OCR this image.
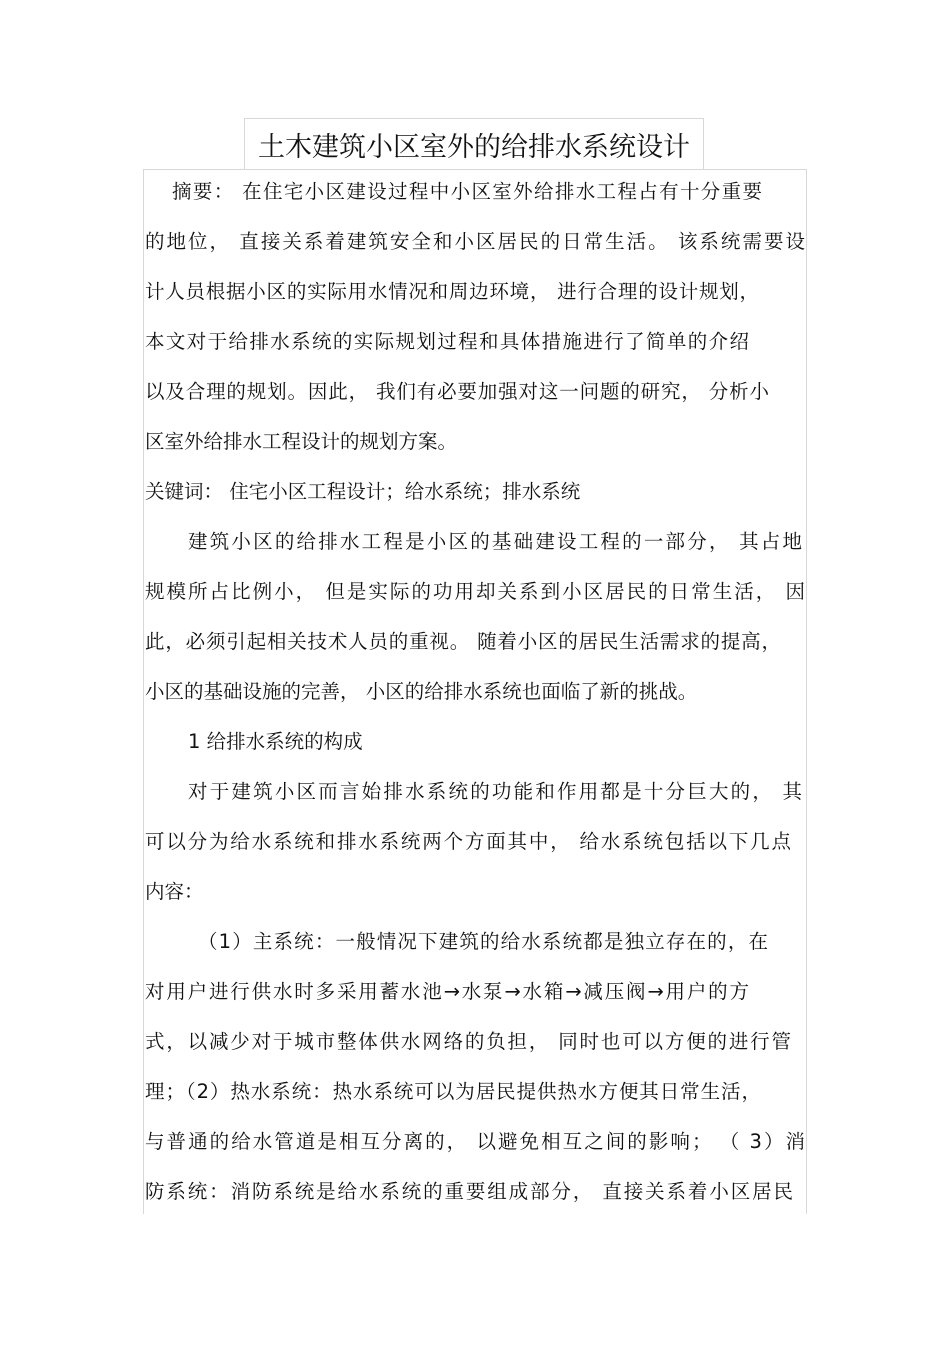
土木建筑小区室外的给排水系统设计
摘要： 在住宅小区建设过程中小区室外给排水工程占有十分重要
的地位， 直接关系着建筑安全和小区居民的日常生活。 该系统需要设
计人员根据小区的实际用水情况和周边环境， 进行合理的设计规划，
本文对于给排水系统的实际规划过程和具体措施进行了简单的介绍
以及合理的规划。因此， 我们有必要加强对这一问题的研究， 分析小
区室外给排水工程设计的规划方案。
关键词： 住宅小区工程设计；给水系统；排水系统
建筑小区的给排水工程是小区的基础建设工程的一部分， 其占地
规模所占比例小， 但是实际的功用却关系到小区居民的日常生活， 因
此，必须引起相关技术人员的重视。 随着小区的居民生活需求的提高，
小区的基础设施的完善， 小区的给排水系统也面临了新的挑战。
1 给排水系统的构成
对于建筑小区而言始排水系统的功能和作用都是十分巨大的， 其
可以分为给水系统和排水系统两个方面其中， 给水系统包括以下几点
内容：
（1）主系统：一般情况下建筑的给水系统都是独立存在的，在
对用户进行供水时多采用蓄水池→水泵→水箱→减压阀→用户的方
式，以减少对于城市整体供水网络的负担， 同时也可以方便的进行管
理；（2）热水系统：热水系统可以为居民提供热水方便其日常生活，
与普通的给水管道是相互分离的， 以避免相互之间的影响； （ 3）消
防系统：消防系统是给水系统的重要组成部分， 直接关系着小区居民
